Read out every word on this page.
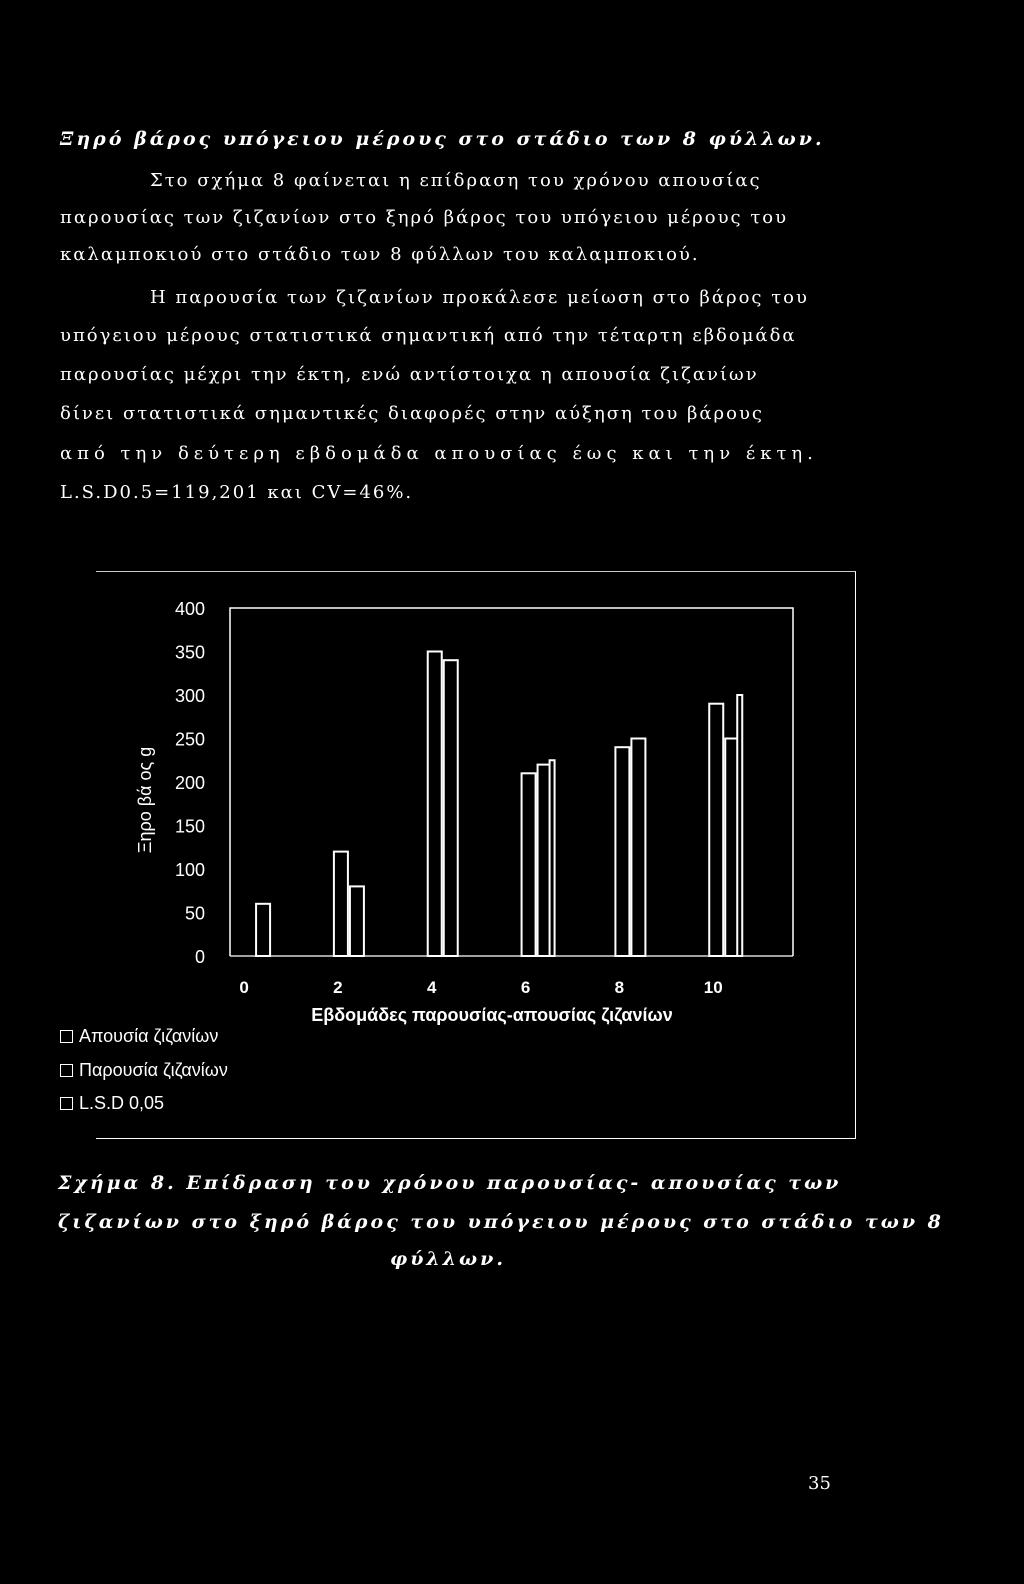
Ξηρό βάρος υπόγειου μέρους στο στάδιο των 8 φύλλων.
Στο σχήμα 8 φαίνεται η επίδραση του χρόνου απουσίας
παρουσίας των ζιζανίων στο ξηρό βάρος του υπόγειου μέρους του
καλαμποκιού στο στάδιο των 8 φύλλων του καλαμποκιού.
Η παρουσία των ζιζανίων προκάλεσε μείωση στο βάρος του
υπόγειου μέρους στατιστικά σημαντική από την τέταρτη εβδομάδα
παρουσίας μέχρι την έκτη, ενώ αντίστοιχα η απουσία ζιζανίων
δίνει στατιστικά σημαντικές διαφορές στην αύξηση του βάρους
από την δεύτερη εβδομάδα απουσίας έως και την έκτη.
L.S.D0.5=119,201 και CV=46%.
0
50
100
150
200
250
300
350
400
0	2	4	6	8	10
Ξηρο βά ος g
Εβδομάδες παρουσίας-απουσίας ζιζανίων
Απουσία ζιζανίων
Παρουσία ζιζανίων
L.S.D 0,05
Σχήμα 8. Επίδραση του χρόνου παρουσίας- απουσίας των
ζιζανίων στο ξηρό βάρος του υπόγειου μέρους στο στάδιο των 8
φύλλων.
35
